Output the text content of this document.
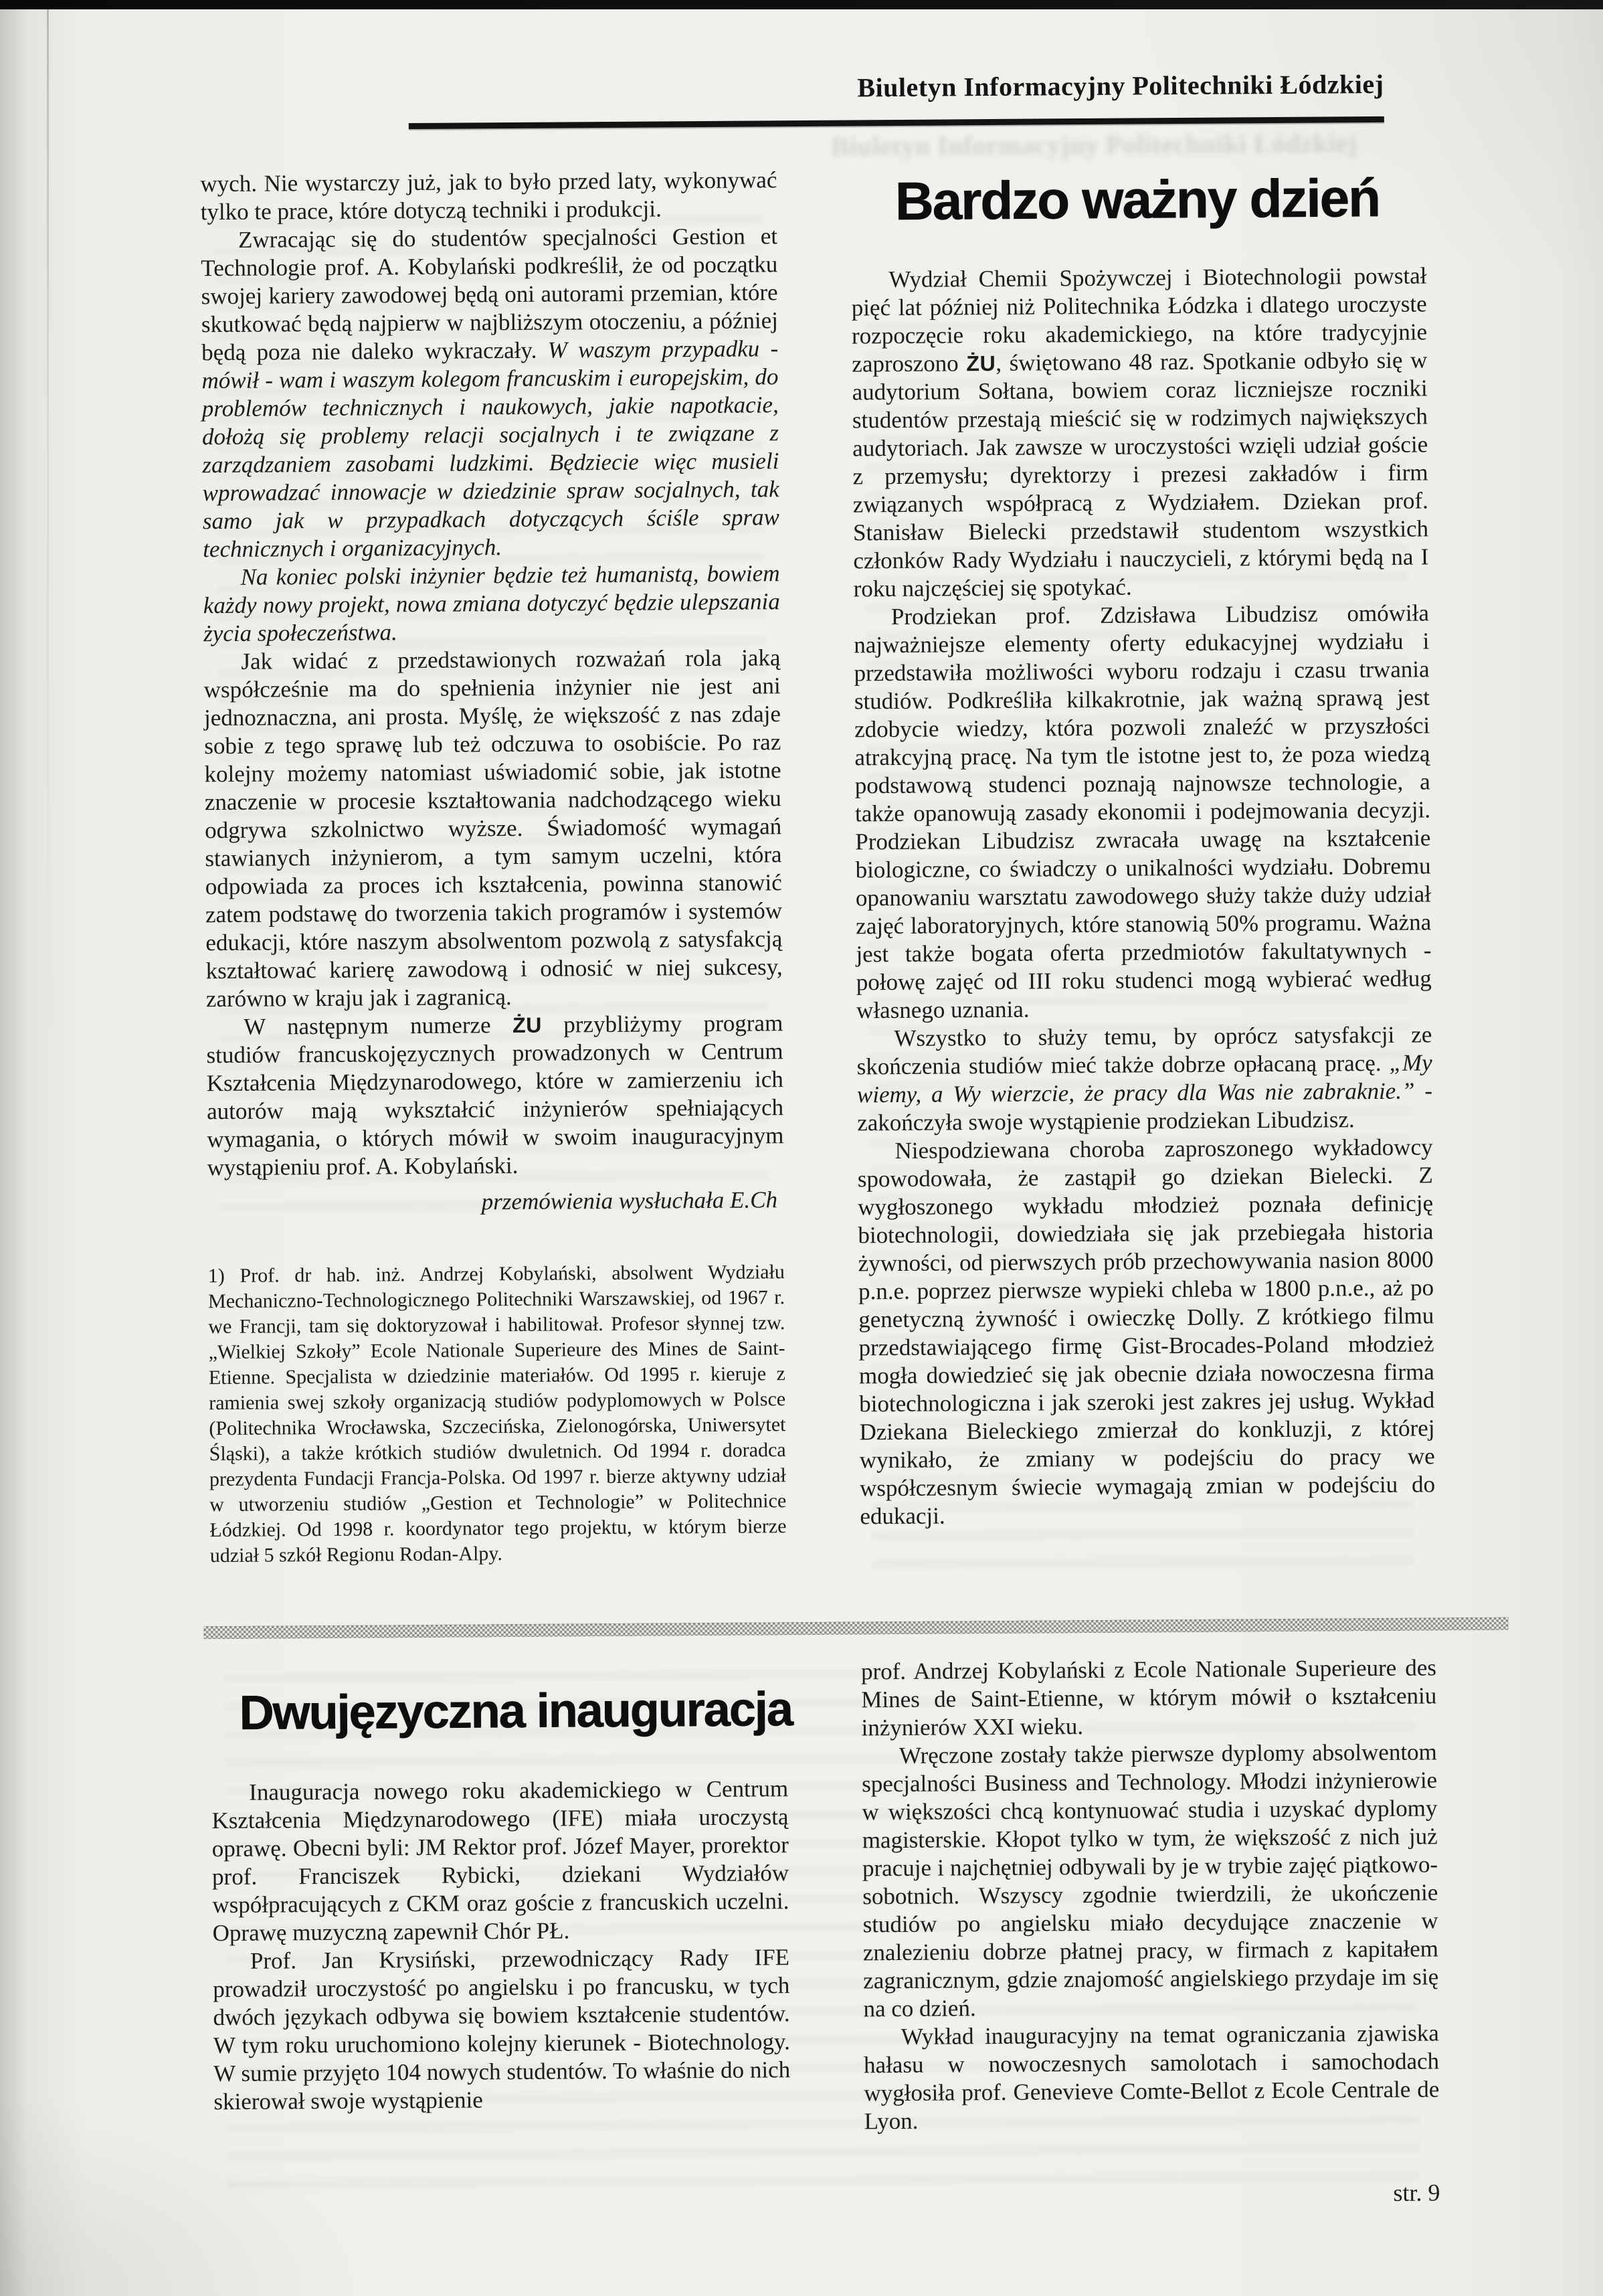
Biuletyn Informacyjny Politechniki Łódzkiej
Biuletyn Informacyjny Politechniki Łódzkiej

wych. Nie wystarczy już, jak to było przed laty, wykonywać tylko te prace, które dotyczą techniki i produkcji.

Zwracając się do studentów specjalności Gestion et Technologie prof. A. Kobylański podkreślił, że od początku swojej kariery zawodowej będą oni autorami przemian, które skutkować będą najpierw w najbliższym otoczeniu, a później będą poza nie daleko wykraczały. W waszym przypadku - mówił - wam i waszym kolegom francuskim i europejskim, do problemów technicznych i naukowych, jakie napotkacie, dołożą się problemy relacji socjalnych i te związane z zarządzaniem zasobami ludzkimi. Będziecie więc musieli wprowadzać innowacje w dziedzinie spraw socjalnych, tak samo jak w przypadkach dotyczących ściśle spraw technicznych i organizacyjnych.

Na koniec polski inżynier będzie też humanistą, bowiem każdy nowy projekt, nowa zmiana dotyczyć będzie ulepszania życia społeczeństwa.

Jak widać z przedstawionych rozważań rola jaką współcześnie ma do spełnienia inżynier nie jest ani jednoznaczna, ani prosta. Myślę, że większość z nas zdaje sobie z tego sprawę lub też odczuwa to osobiście. Po raz kolejny możemy natomiast uświadomić sobie, jak istotne znaczenie w procesie kształtowania nadchodzącego wieku odgrywa szkolnictwo wyższe. Świadomość wymagań stawianych inżynierom, a tym samym uczelni, która odpowiada za proces ich kształcenia, powinna stanowić zatem podstawę do tworzenia takich programów i systemów edukacji, które naszym absolwentom pozwolą z satysfakcją kształtować karierę zawodową i odnosić w niej sukcesy, zarówno w kraju jak i zagranicą.

W następnym numerze ŻU przybliżymy program studiów francuskojęzycznych prowadzonych w Centrum Kształcenia Międzynarodowego, które w zamierzeniu ich autorów mają wykształcić inżynierów spełniających wymagania, o których mówił w swoim inauguracyjnym wystąpieniu prof. A. Kobylański.

przemówienia wysłuchała E.Ch
1) Prof. dr hab. inż. Andrzej Kobylański, absolwent Wydziału Mechaniczno-Technologicznego Politechniki Warszawskiej, od 1967 r. we Francji, tam się doktoryzował i habilitował. Profesor słynnej tzw. „Wielkiej Szkoły” Ecole Nationale Superieure des Mines de Saint-Etienne. Specjalista w dziedzinie materiałów. Od 1995 r. kieruje z ramienia swej szkoły organizacją studiów podyplomowych w Polsce (Politechnika Wrocławska, Szczecińska, Zielonogórska, Uniwersytet Śląski), a także krótkich studiów dwuletnich. Od 1994 r. doradca prezydenta Fundacji Francja-Polska. Od 1997 r. bierze aktywny udział w utworzeniu studiów „Gestion et Technologie” w Politechnice Łódzkiej. Od 1998 r. koordynator tego projektu, w którym bierze udział 5 szkół Regionu Rodan-Alpy.
Bardzo ważny dzień

Wydział Chemii Spożywczej i Biotechnologii powstał pięć lat później niż Politechnika Łódzka i dlatego uroczyste rozpoczęcie roku akademickiego, na które tradycyjnie zaproszono ŻU, świętowano 48 raz. Spotkanie odbyło się w audytorium Sołtana, bowiem coraz liczniejsze roczniki studentów przestają mieścić się w rodzimych największych audytoriach. Jak zawsze w uroczystości wzięli udział goście z przemysłu; dyrektorzy i prezesi zakładów i firm związanych współpracą z Wydziałem. Dziekan prof. Stanisław Bielecki przedstawił studentom wszystkich członków Rady Wydziału i nauczycieli, z którymi będą na I roku najczęściej się spotykać.

Prodziekan prof. Zdzisława Libudzisz omówiła najważniejsze elementy oferty edukacyjnej wydziału i przedstawiła możliwości wyboru rodzaju i czasu trwania studiów. Podkreśliła kilkakrotnie, jak ważną sprawą jest zdobycie wiedzy, która pozwoli znaleźć w przyszłości atrakcyjną pracę. Na tym tle istotne jest to, że poza wiedzą podstawową studenci poznają najnowsze technologie, a także opanowują zasady ekonomii i podejmowania decyzji. Prodziekan Libudzisz zwracała uwagę na kształcenie biologiczne, co świadczy o unikalności wydziału. Dobremu opanowaniu warsztatu zawodowego służy także duży udział zajęć laboratoryjnych, które stanowią 50% programu. Ważna jest także bogata oferta przedmiotów fakultatywnych - połowę zajęć od III roku studenci mogą wybierać według własnego uznania.

Wszystko to służy temu, by oprócz satysfakcji ze skończenia studiów mieć także dobrze opłacaną pracę. „My wiemy, a Wy wierzcie, że pracy dla Was nie zabraknie.” - zakończyła swoje wystąpienie prodziekan Libudzisz.

Niespodziewana choroba zaproszonego wykładowcy spowodowała, że zastąpił go dziekan Bielecki. Z wygłoszonego wykładu młodzież poznała definicję biotechnologii, dowiedziała się jak przebiegała historia żywności, od pierwszych prób przechowywania nasion 8000 p.n.e. poprzez pierwsze wypieki chleba w 1800 p.n.e., aż po genetyczną żywność i owieczkę Dolly. Z krótkiego filmu przedstawiającego firmę Gist-Brocades-Poland młodzież mogła dowiedzieć się jak obecnie działa nowoczesna firma biotechnologiczna i jak szeroki jest zakres jej usług. Wykład Dziekana Bieleckiego zmierzał do konkluzji, z której wynikało, że zmiany w podejściu do pracy we współczesnym świecie wymagają zmian w podejściu do edukacji.

Dwujęzyczna inauguracja

Inauguracja nowego roku akademickiego w Centrum Kształcenia Międzynarodowego (IFE) miała uroczystą oprawę. Obecni byli: JM Rektor prof. Józef Mayer, prorektor prof. Franciszek Rybicki, dziekani Wydziałów współpracujących z CKM oraz goście z francuskich uczelni. Oprawę muzyczną zapewnił Chór PŁ.

Prof. Jan Krysiński, przewodniczący Rady IFE prowadził uroczystość po angielsku i po francusku, w tych dwóch językach odbywa się bowiem kształcenie studentów. W tym roku uruchomiono kolejny kierunek - Biotechnology. W sumie przyjęto 104 nowych studentów. To właśnie do nich skierował swoje wystąpienie

prof. Andrzej Kobylański z Ecole Nationale Superieure des Mines de Saint-Etienne, w którym mówił o kształceniu inżynierów XXI wieku.

Wręczone zostały także pierwsze dyplomy absolwentom specjalności Business and Technology. Młodzi inżynierowie w większości chcą kontynuować studia i uzyskać dyplomy magisterskie. Kłopot tylko w tym, że większość z nich już pracuje i najchętniej odbywali by je w trybie zajęć piątkowo-sobotnich. Wszyscy zgodnie twierdzili, że ukończenie studiów po angielsku miało decydujące znaczenie w znalezieniu dobrze płatnej pracy, w firmach z kapitałem zagranicznym, gdzie znajomość angielskiego przydaje im się na co dzień.

Wykład inauguracyjny na temat ograniczania zjawiska hałasu w nowoczesnych samolotach i samochodach wygłosiła prof. Genevieve Comte-Bellot z Ecole Centrale de Lyon.

str. 9
